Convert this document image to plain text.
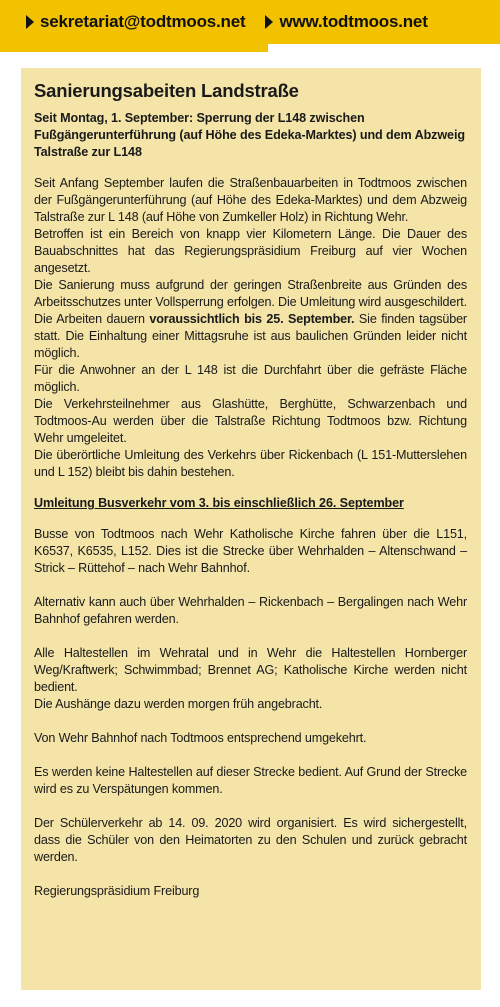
sekretariat@todtmoos.net www.todtmoos.net
Sanierungsabeiten Landstraße
Seit Montag, 1. September: Sperrung der L148 zwischen Fußgängerunterführung (auf Höhe des Edeka-Marktes) und dem Abzweig Talstraße zur L148

Seit Anfang September laufen die Straßenbauarbeiten in Todtmoos zwischen der Fußgängerunterführung (auf Höhe des Edeka-Marktes) und dem Abzweig Talstraße zur L 148 (auf Höhe von Zumkeller Holz) in Richtung Wehr.

Betroffen ist ein Bereich von knapp vier Kilometern Länge. Die Dauer des Bauabschnittes hat das Regierungspräsidium Freiburg auf vier Wochen angesetzt.

Die Sanierung muss aufgrund der geringen Straßenbreite aus Gründen des Arbeitsschutzes unter Vollsperrung erfolgen. Die Umleitung wird ausgeschildert. Die Arbeiten dauern voraussichtlich bis 25. September. Sie finden tagsüber statt. Die Einhaltung einer Mittagsruhe ist aus baulichen Gründen leider nicht möglich.

Für die Anwohner an der L 148 ist die Durchfahrt über die gefräste Fläche möglich.

Die Verkehrsteilnehmer aus Glashütte, Berghütte, Schwarzenbach und Todtmoos-Au werden über die Talstraße Richtung Todtmoos bzw. Richtung Wehr umgeleitet.

Die überörtliche Umleitung des Verkehrs über Rickenbach (L 151-Mutterslehen und L 152) bleibt bis dahin bestehen.

Umleitung Busverkehr vom 3. bis einschließlich 26. September

Busse von Todtmoos nach Wehr Katholische Kirche fahren über die L151, K6537, K6535, L152. Dies ist die Strecke über Wehrhalden – Altenschwand – Strick – Rüttehof – nach Wehr Bahnhof.

Alternativ kann auch über Wehrhalden – Rickenbach – Bergalingen nach Wehr Bahnhof gefahren werden.

Alle Haltestellen im Wehratal und in Wehr die Haltestellen Hornberger Weg/Kraftwerk; Schwimmbad; Brennet AG; Katholische Kirche werden nicht bedient.

Die Aushänge dazu werden morgen früh angebracht.

Von Wehr Bahnhof nach Todtmoos entsprechend umgekehrt.

Es werden keine Haltestellen auf dieser Strecke bedient. Auf Grund der Strecke wird es zu Verspätungen kommen.

Der Schülerverkehr ab 14. 09. 2020 wird organisiert. Es wird sichergestellt, dass die Schüler von den Heimatorten zu den Schulen und zurück gebracht werden.

Regierungspräsidium Freiburg
